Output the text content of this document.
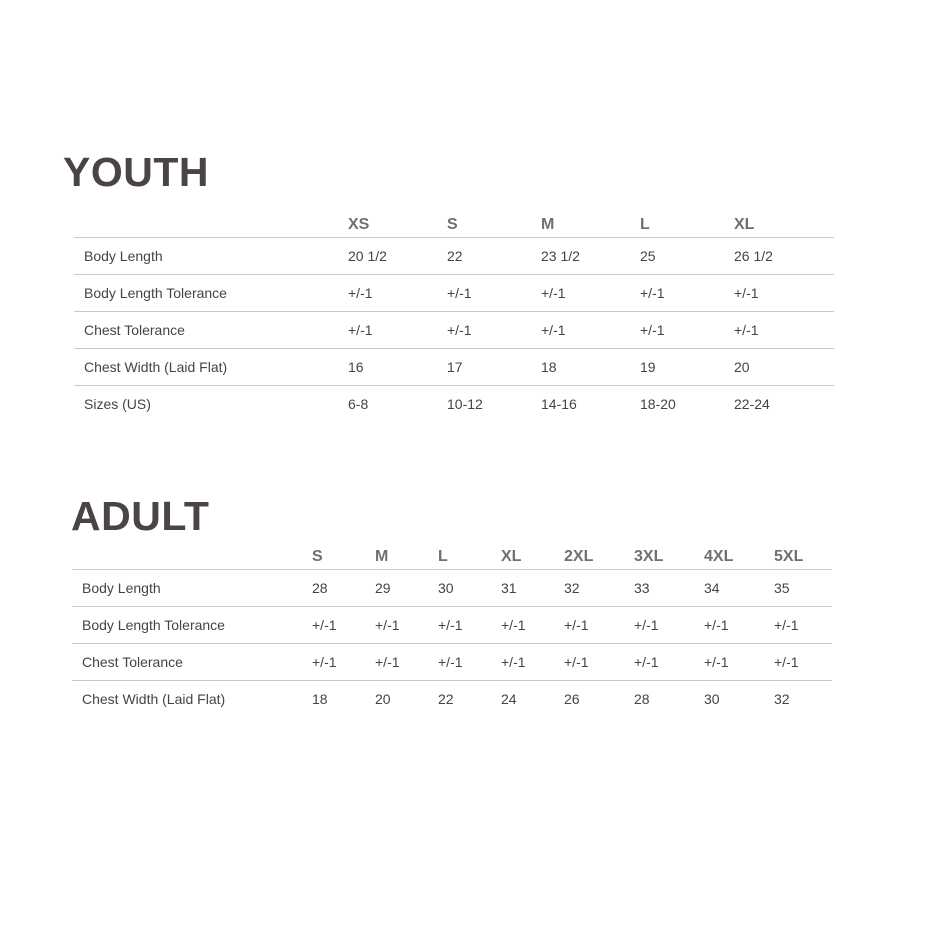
YOUTH
	XS	S	M	L	XL
Body Length	20 1/2	22	23 1/2	25	26 1/2
Body Length Tolerance	+/-1	+/-1	+/-1	+/-1	+/-1
Chest Tolerance	+/-1	+/-1	+/-1	+/-1	+/-1
Chest Width (Laid Flat)	16	17	18	19	20
Sizes (US)	6-8	10-12	14-16	18-20	22-24
ADULT
	S	M	L	XL	2XL	3XL	4XL	5XL
Body Length	28	29	30	31	32	33	34	35
Body Length Tolerance	+/-1	+/-1	+/-1	+/-1	+/-1	+/-1	+/-1	+/-1
Chest Tolerance	+/-1	+/-1	+/-1	+/-1	+/-1	+/-1	+/-1	+/-1
Chest Width (Laid Flat)	18	20	22	24	26	28	30	32
